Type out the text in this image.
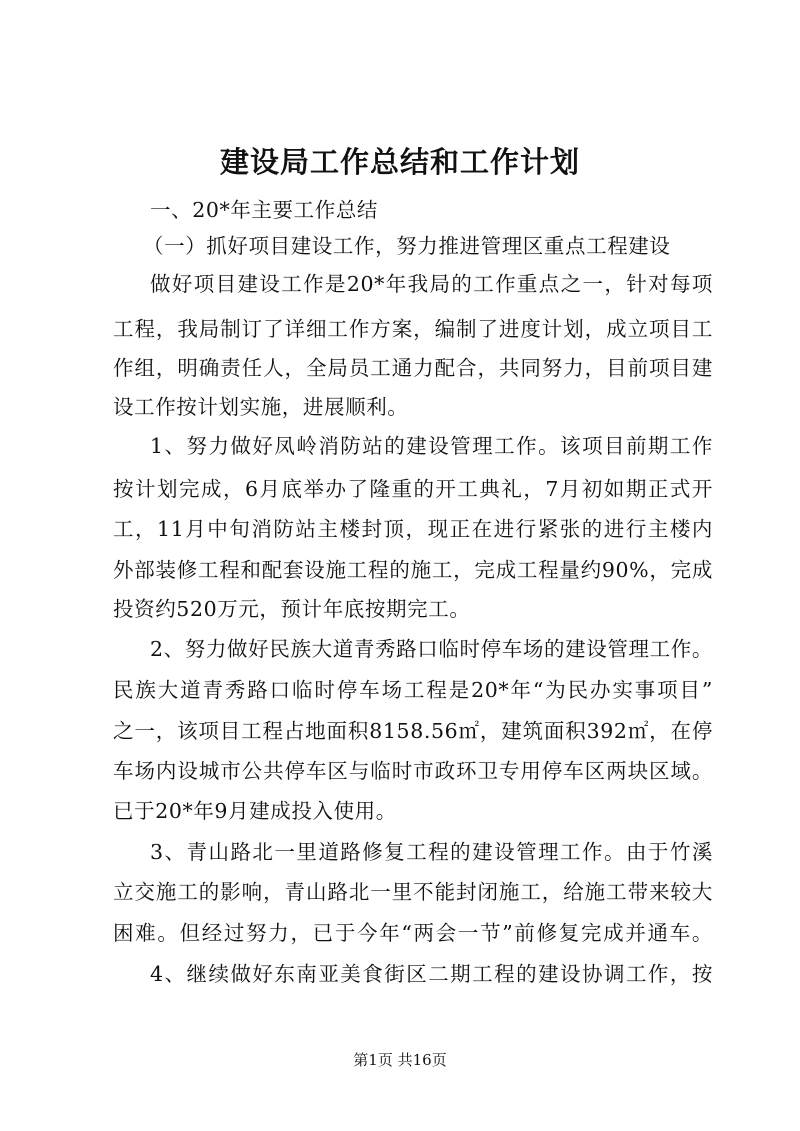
建设局工作总结和工作计划
一、20*年主要工作总结
（一）抓好项目建设工作，努力推进管理区重点工程建设
做好项目建设工作是20*年我局的工作重点之一，针对每项
工程，我局制订了详细工作方案，编制了进度计划，成立项目工
作组，明确责任人，全局员工通力配合，共同努力，目前项目建
设工作按计划实施，进展顺利。
1、努力做好凤岭消防站的建设管理工作。该项目前期工作
按计划完成，6月底举办了隆重的开工典礼，7月初如期正式开
工，11月中旬消防站主楼封顶，现正在进行紧张的进行主楼内
外部装修工程和配套设施工程的施工，完成工程量约90%，完成
投资约520万元，预计年底按期完工。
2、努力做好民族大道青秀路口临时停车场的建设管理工作。
民族大道青秀路口临时停车场工程是20*年“为民办实事项目”
之一，该项目工程占地面积8158.56㎡，建筑面积392㎡，在停
车场内设城市公共停车区与临时市政环卫专用停车区两块区域。
已于20*年9月建成投入使用。
3、青山路北一里道路修复工程的建设管理工作。由于竹溪
立交施工的影响，青山路北一里不能封闭施工，给施工带来较大
困难。但经过努力，已于今年“两会一节”前修复完成并通车。
4、继续做好东南亚美食街区二期工程的建设协调工作，按
第1页 共16页
